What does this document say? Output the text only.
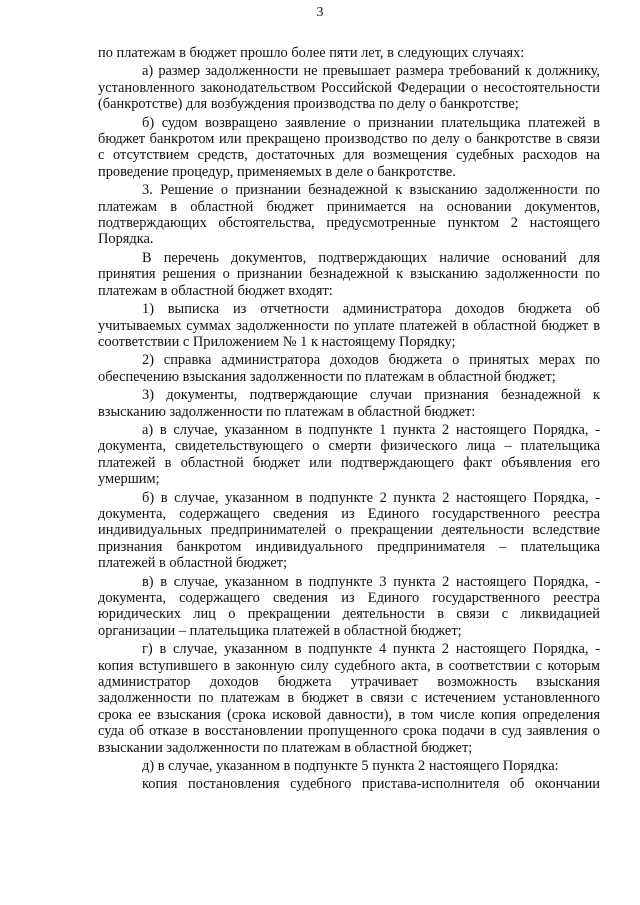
3

по платежам в бюджет прошло более пяти лет, в следующих случаях:

а) размер задолженности не превышает размера требований к должнику, установленного законодательством Российской Федерации о несостоятельности (банкротстве) для возбуждения производства по делу о банкротстве;

б) судом возвращено заявление о признании плательщика платежей в бюджет банкротом или прекращено производство по делу о банкротстве в связи с отсутствием средств, достаточных для возмещения судебных расходов на проведение процедур, применяемых в деле о банкротстве.

3. Решение о признании безнадежной к взысканию задолженности по платежам в областной бюджет принимается на основании документов, подтверждающих обстоятельства, предусмотренные пунктом 2 настоящего Порядка.

В перечень документов, подтверждающих наличие оснований для принятия решения о признании безнадежной к взысканию задолженности по платежам в областной бюджет входят:

1) выписка из отчетности администратора доходов бюджета об учитываемых суммах задолженности по уплате платежей в областной бюджет в соответствии с Приложением № 1 к настоящему Порядку;

2) справка администратора доходов бюджета о принятых мерах по обеспечению взыскания задолженности по платежам в областной бюджет;

3) документы, подтверждающие случаи признания безнадежной к взысканию задолженности по платежам в областной бюджет:

а) в случае, указанном в подпункте 1 пункта 2 настоящего Порядка, - документа, свидетельствующего о смерти физического лица – плательщика платежей в областной бюджет или подтверждающего факт объявления его умершим;

б) в случае, указанном в подпункте 2 пункта 2 настоящего Порядка, - документа, содержащего сведения из Единого государственного реестра индивидуальных предпринимателей о прекращении деятельности вследствие признания банкротом индивидуального предпринимателя – плательщика платежей в областной бюджет;

в) в случае, указанном в подпункте 3 пункта 2 настоящего Порядка, - документа, содержащего сведения из Единого государственного реестра юридических лиц о прекращении деятельности в связи с ликвидацией организации – плательщика платежей в областной бюджет;

г) в случае, указанном в подпункте 4 пункта 2 настоящего Порядка, - копия вступившего в законную силу судебного акта, в соответствии с которым администратор доходов бюджета утрачивает возможность взыскания задолженности по платежам в бюджет в связи с истечением установленного срока ее взыскания (срока исковой давности), в том числе копия определения суда об отказе в восстановлении пропущенного срока подачи в суд заявления о взыскании задолженности по платежам в областной бюджет;

д) в случае, указанном в подпункте 5 пункта 2 настоящего Порядка:

копия постановления судебного пристава-исполнителя об окончании
